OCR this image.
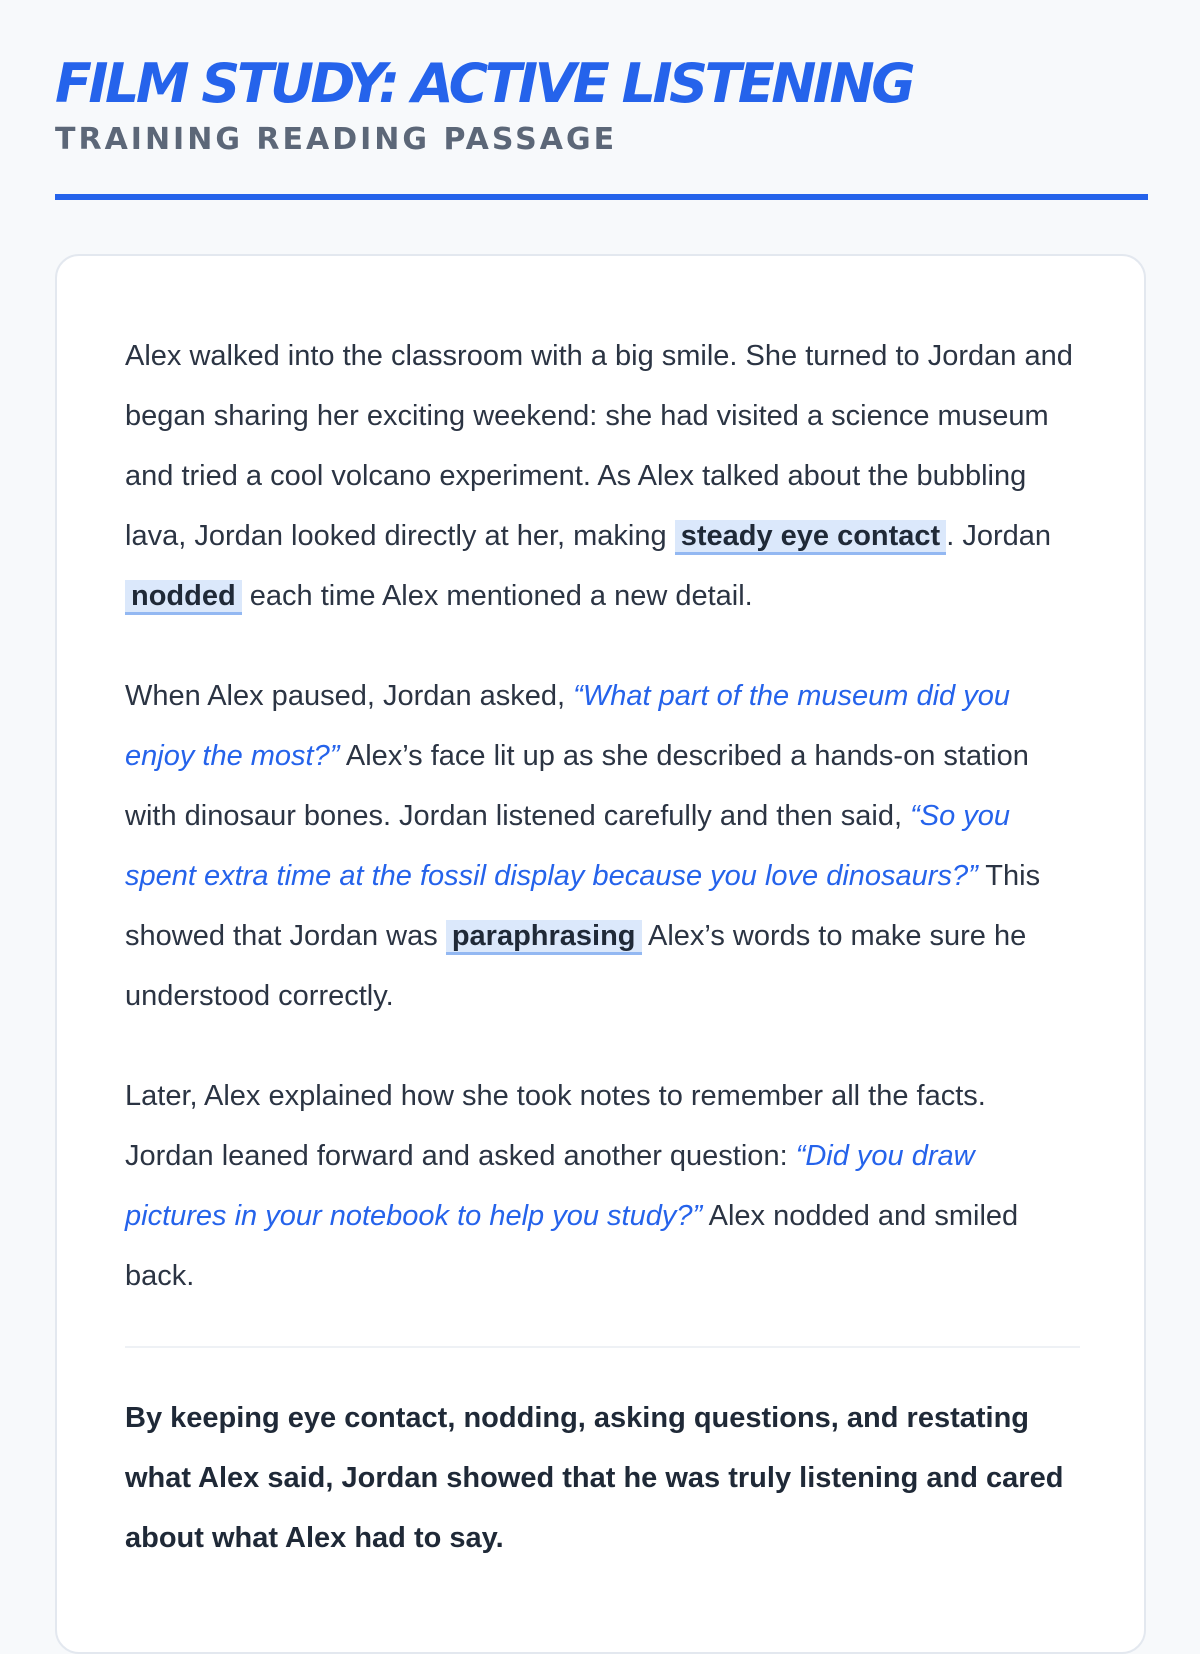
FILM STUDY: ACTIVE LISTENING
TRAINING READING PASSAGE

Alex walked into the classroom with a big smile. She turned to Jordan and began sharing her exciting weekend: she had visited a science museum and tried a cool volcano experiment. As Alex talked about the bubbling lava, Jordan looked directly at her, making steady eye contact . Jordan nodded each time Alex mentioned a new detail.

When Alex paused, Jordan asked, “What part of the museum did you enjoy the most?” Alex’s face lit up as she described a hands-on station with dinosaur bones. Jordan listened carefully and then said, “So you spent extra time at the fossil display because you love dinosaurs?” This showed that Jordan was paraphrasing Alex’s words to make sure he understood correctly.

Later, Alex explained how she took notes to remember all the facts. Jordan leaned forward and asked another question: “Did you draw pictures in your notebook to help you study?” Alex nodded and smiled back.

By keeping eye contact, nodding, asking questions, and restating what Alex said, Jordan showed that he was truly listening and cared about what Alex had to say.
